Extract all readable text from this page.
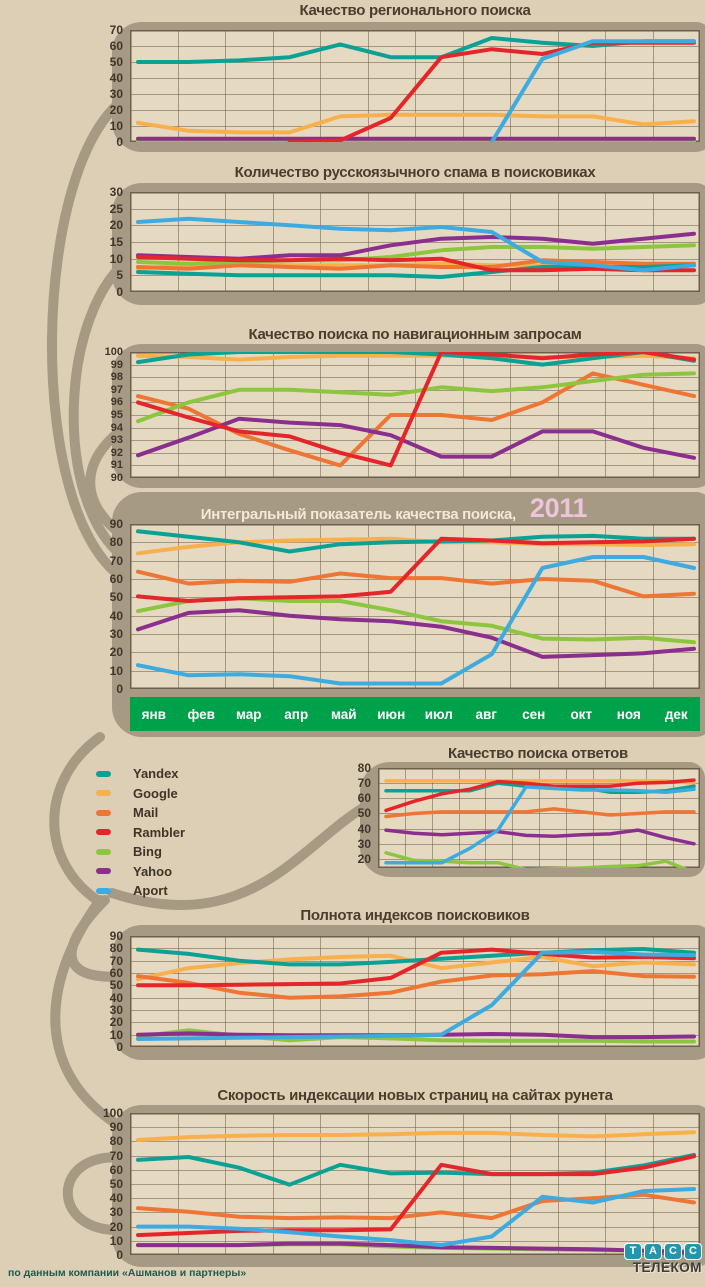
янв	фев	мар	апр	май	июн	июл	авг	сен	окт	ноя	дек
Yandex
Google
Mail
Rambler
Bing
Yahoo
Aport
по данным компании «Ашманов и партнеры»
Т	А	С	С
ТЕЛЕКОМ
Качество регионального поиска
0
10
20
30
40
50
60
70
Количество русскоязычного спама в поисковиках
0
5
10
15
20
25
30
Качество поиска по навигационным запросам
90
91
92
93
94
95
96
97
98
99
100
Интегральный показатель качества поиска, 2011
0
10
20
30
40
50
60
70
80
90
Качество поиска ответов
20
30
40
50
60
70
80
Полнота индексов поисковиков
0
10
20
30
40
50
60
70
80
90
Скорость индексации новых страниц на сайтах рунета
0
10
20
30
40
50
60
70
80
90
100
